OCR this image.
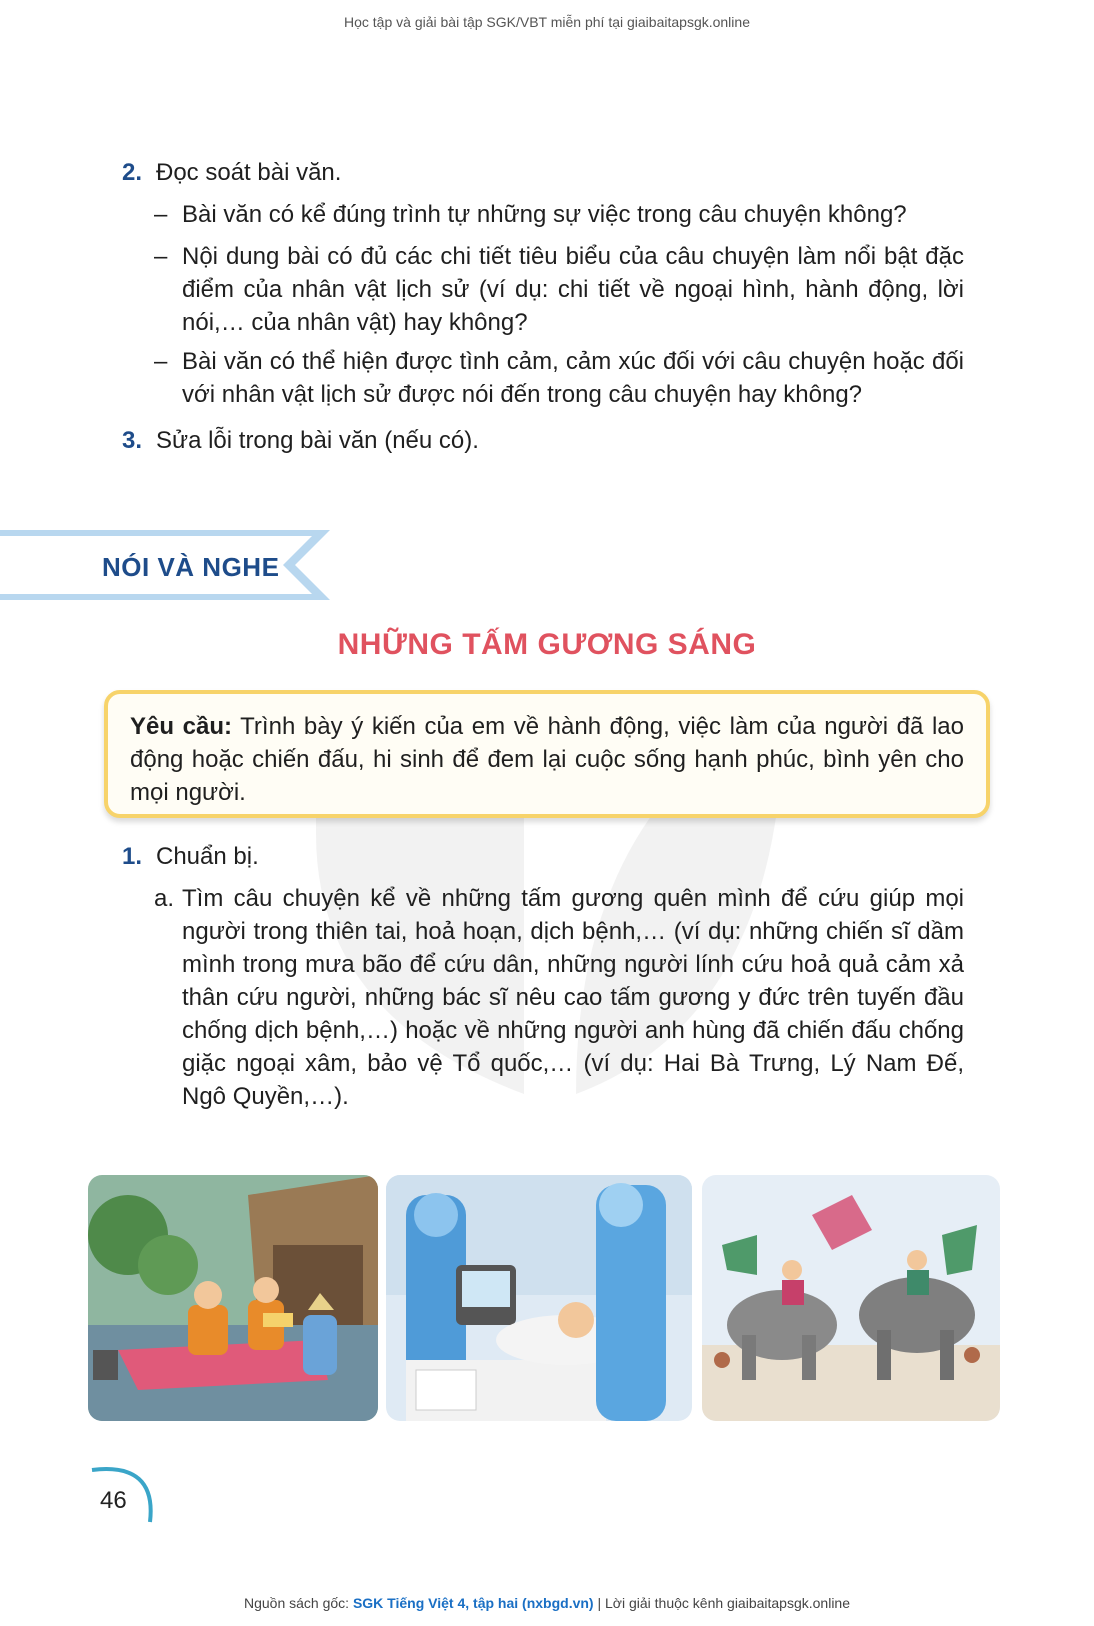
Học tập và giải bài tập SGK/VBT miễn phí tại giaibaitapsgk.online
2. Đọc soát bài văn.
– Bài văn có kể đúng trình tự những sự việc trong câu chuyện không?
– Nội dung bài có đủ các chi tiết tiêu biểu của câu chuyện làm nổi bật đặc điểm của nhân vật lịch sử (ví dụ: chi tiết về ngoại hình, hành động, lời nói,… của nhân vật) hay không?
– Bài văn có thể hiện được tình cảm, cảm xúc đối với câu chuyện hoặc đối với nhân vật lịch sử được nói đến trong câu chuyện hay không?
3. Sửa lỗi trong bài văn (nếu có).
NÓI VÀ NGHE
NHỮNG TẤM GƯƠNG SÁNG
Yêu cầu: Trình bày ý kiến của em về hành động, việc làm của người đã lao động hoặc chiến đấu, hi sinh để đem lại cuộc sống hạnh phúc, bình yên cho mọi người.
1. Chuẩn bị.
a. Tìm câu chuyện kể về những tấm gương quên mình để cứu giúp mọi người trong thiên tai, hoả hoạn, dịch bệnh,… (ví dụ: những chiến sĩ dầm mình trong mưa bão để cứu dân, những người lính cứu hoả quả cảm xả thân cứu người, những bác sĩ nêu cao tấm gương y đức trên tuyến đầu chống dịch bệnh,…) hoặc về những người anh hùng đã chiến đấu chống giặc ngoại xâm, bảo vệ Tổ quốc,… (ví dụ: Hai Bà Trưng, Lý Nam Đế, Ngô Quyền,…).
46
Nguồn sách gốc: SGK Tiếng Việt 4, tập hai (nxbgd.vn) | Lời giải thuộc kênh giaibaitapsgk.online
